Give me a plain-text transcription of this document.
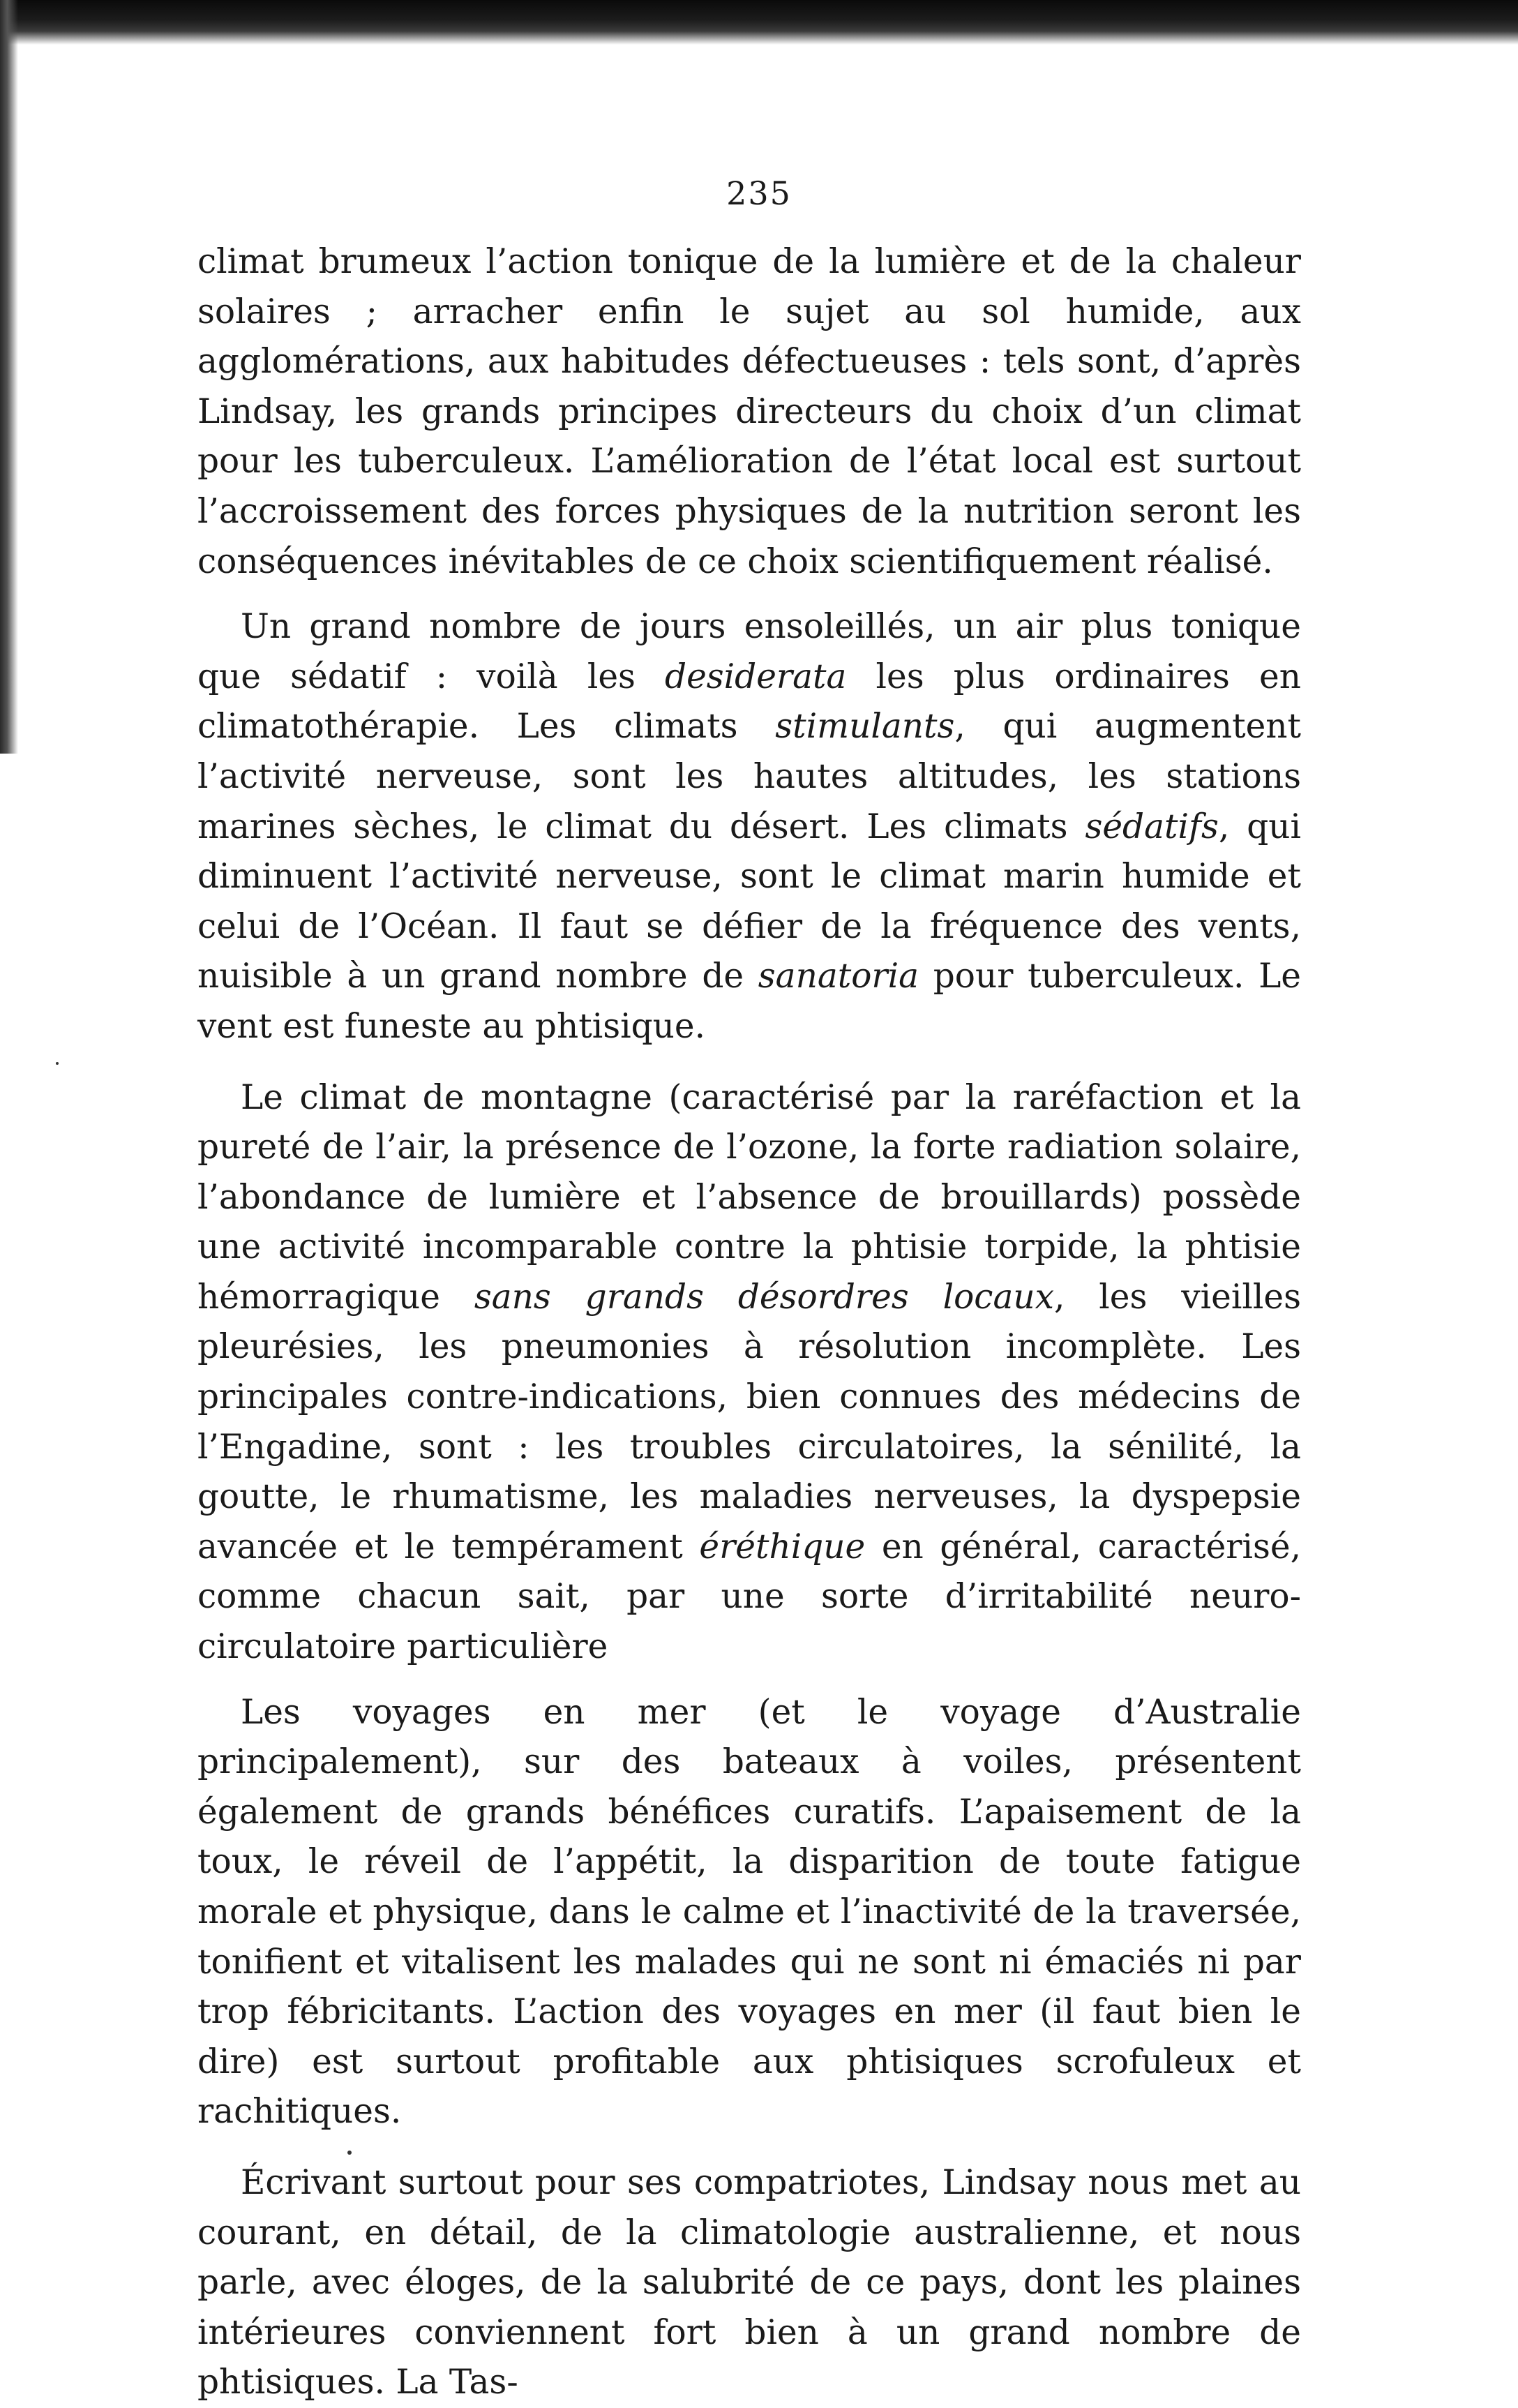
235

climat brumeux l’action tonique de la lumière et de la chaleur solaires ; arracher enfin le sujet au sol humide, aux agglomérations, aux habitudes défectueuses : tels sont, d’après Lindsay, les grands principes directeurs du choix d’un climat pour les tuberculeux. L’amélioration de l’état local est surtout l’accroissement des forces physiques de la nutrition seront les conséquences inévitables de ce choix scientifiquement réalisé.

Un grand nombre de jours ensoleillés, un air plus tonique que sédatif : voilà les desiderata les plus ordinaires en climatothérapie. Les climats stimulants, qui augmentent l’activité nerveuse, sont les hautes altitudes, les stations marines sèches, le climat du désert. Les climats sédatifs, qui diminuent l’activité nerveuse, sont le climat marin humide et celui de l’Océan. Il faut se défier de la fréquence des vents, nuisible à un grand nombre de sanatoria pour tuberculeux. Le vent est funeste au phtisique.

Le climat de montagne (caractérisé par la raréfaction et la pureté de l’air, la présence de l’ozone, la forte radiation solaire, l’abondance de lumière et l’absence de brouillards) possède une activité incomparable contre la phtisie torpide, la phtisie hémorragique sans grands désordres locaux, les vieilles pleurésies, les pneumonies à résolution incomplète. Les principales contre-indications, bien connues des médecins de l’Engadine, sont : les troubles circulatoires, la sénilité, la goutte, le rhumatisme, les maladies nerveuses, la dyspepsie avancée et le tempérament éréthique en général, caractérisé, comme chacun sait, par une sorte d’irritabilité neuro-circulatoire particulière

Les voyages en mer (et le voyage d’Australie principalement), sur des bateaux à voiles, présentent également de grands bénéfices curatifs. L’apaisement de la toux, le réveil de l’appétit, la disparition de toute fatigue morale et physique, dans le calme et l’inactivité de la traversée, tonifient et vitalisent les malades qui ne sont ni émaciés ni par trop fébricitants. L’action des voyages en mer (il faut bien le dire) est surtout profitable aux phtisiques scrofuleux et rachitiques.

Écrivant surtout pour ses compatriotes, Lindsay nous met au courant, en détail, de la climatologie australienne, et nous parle, avec éloges, de la salubrité de ce pays, dont les plaines intérieures conviennent fort bien à un grand nombre de phtisiques. La Tas-
